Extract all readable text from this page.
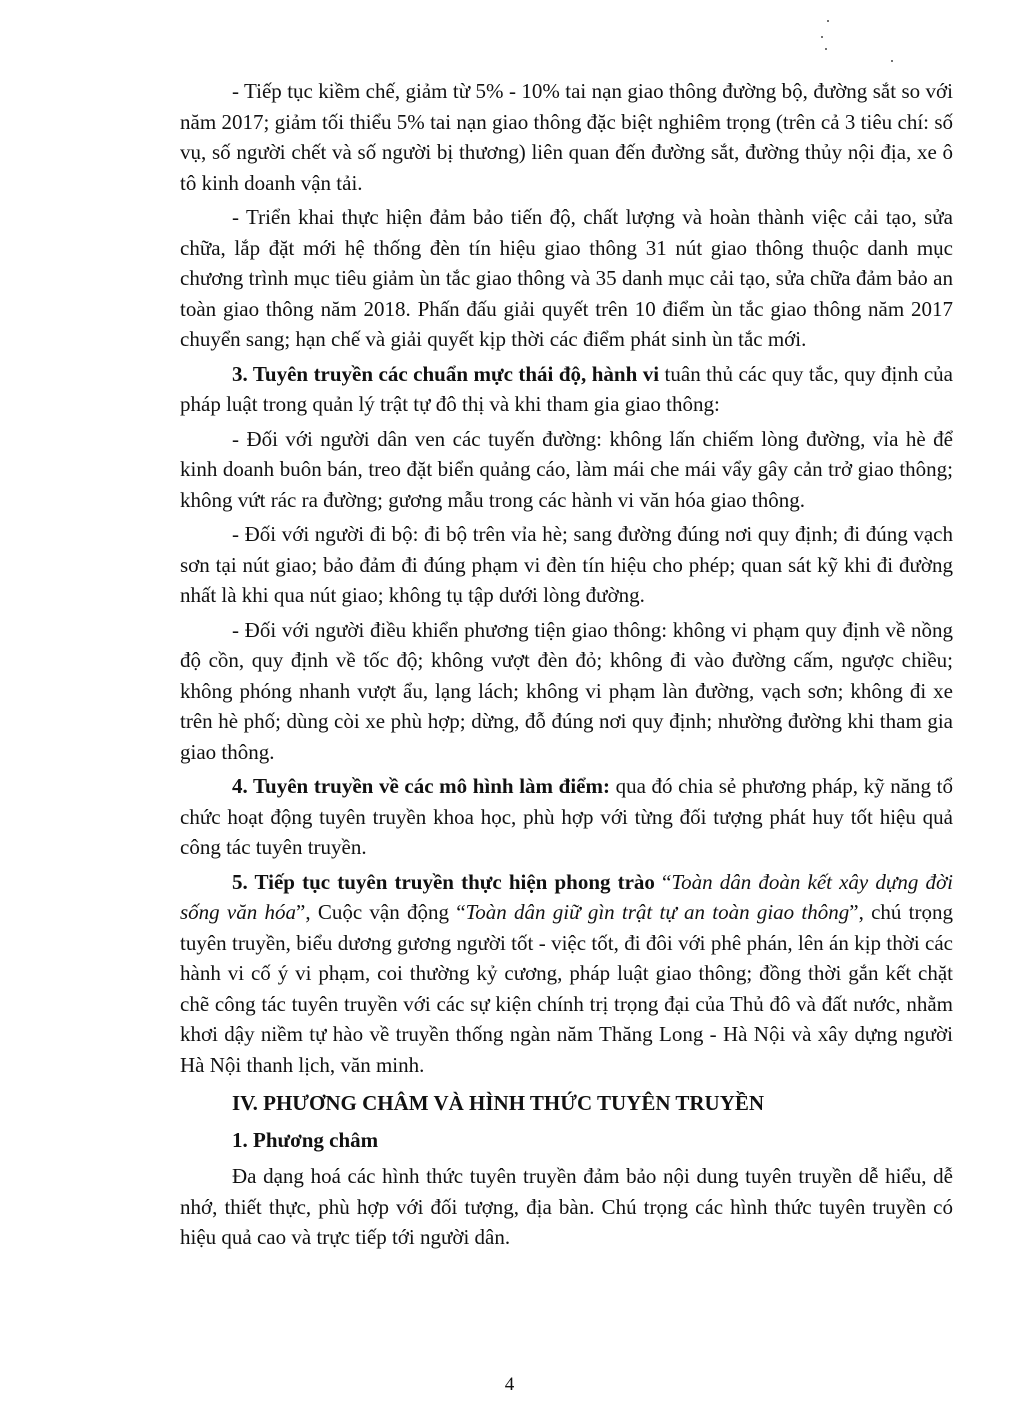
- Tiếp tục kiềm chế, giảm từ 5% - 10% tai nạn giao thông đường bộ, đường sắt so với năm 2017; giảm tối thiểu 5% tai nạn giao thông đặc biệt nghiêm trọng (trên cả 3 tiêu chí: số vụ, số người chết và số người bị thương) liên quan đến đường sắt, đường thủy nội địa, xe ô tô kinh doanh vận tải.

- Triển khai thực hiện đảm bảo tiến độ, chất lượng và hoàn thành việc cải tạo, sửa chữa, lắp đặt mới hệ thống đèn tín hiệu giao thông 31 nút giao thông thuộc danh mục chương trình mục tiêu giảm ùn tắc giao thông và 35 danh mục cải tạo, sửa chữa đảm bảo an toàn giao thông năm 2018. Phấn đấu giải quyết trên 10 điểm ùn tắc giao thông năm 2017 chuyển sang; hạn chế và giải quyết kịp thời các điểm phát sinh ùn tắc mới.

3. Tuyên truyền các chuẩn mực thái độ, hành vi tuân thủ các quy tắc, quy định của pháp luật trong quản lý trật tự đô thị và khi tham gia giao thông:

- Đối với người dân ven các tuyến đường: không lấn chiếm lòng đường, vỉa hè để kinh doanh buôn bán, treo đặt biển quảng cáo, làm mái che mái vẩy gây cản trở giao thông; không vứt rác ra đường; gương mẫu trong các hành vi văn hóa giao thông.

- Đối với người đi bộ: đi bộ trên vỉa hè; sang đường đúng nơi quy định; đi đúng vạch sơn tại nút giao; bảo đảm đi đúng phạm vi đèn tín hiệu cho phép; quan sát kỹ khi đi đường nhất là khi qua nút giao; không tụ tập dưới lòng đường.

- Đối với người điều khiển phương tiện giao thông: không vi phạm quy định về nồng độ cồn, quy định về tốc độ; không vượt đèn đỏ; không đi vào đường cấm, ngược chiều; không phóng nhanh vượt ẩu, lạng lách; không vi phạm làn đường, vạch sơn; không đi xe trên hè phố; dùng còi xe phù hợp; dừng, đỗ đúng nơi quy định; nhường đường khi tham gia giao thông.

4. Tuyên truyền về các mô hình làm điểm: qua đó chia sẻ phương pháp, kỹ năng tổ chức hoạt động tuyên truyền khoa học, phù hợp với từng đối tượng phát huy tốt hiệu quả công tác tuyên truyền.

5. Tiếp tục tuyên truyền thực hiện phong trào “Toàn dân đoàn kết xây dựng đời sống văn hóa”, Cuộc vận động “Toàn dân giữ gìn trật tự an toàn giao thông”, chú trọng tuyên truyền, biểu dương gương người tốt - việc tốt, đi đôi với phê phán, lên án kịp thời các hành vi cố ý vi phạm, coi thường kỷ cương, pháp luật giao thông; đồng thời gắn kết chặt chẽ công tác tuyên truyền với các sự kiện chính trị trọng đại của Thủ đô và đất nước, nhằm khơi dậy niềm tự hào về truyền thống ngàn năm Thăng Long - Hà Nội và xây dựng người Hà Nội thanh lịch, văn minh.

IV. PHƯƠNG CHÂM VÀ HÌNH THỨC TUYÊN TRUYỀN
1. Phương châm

Đa dạng hoá các hình thức tuyên truyền đảm bảo nội dung tuyên truyền dễ hiểu, dễ nhớ, thiết thực, phù hợp với đối tượng, địa bàn. Chú trọng các hình thức tuyên truyền có hiệu quả cao và trực tiếp tới người dân.

4
